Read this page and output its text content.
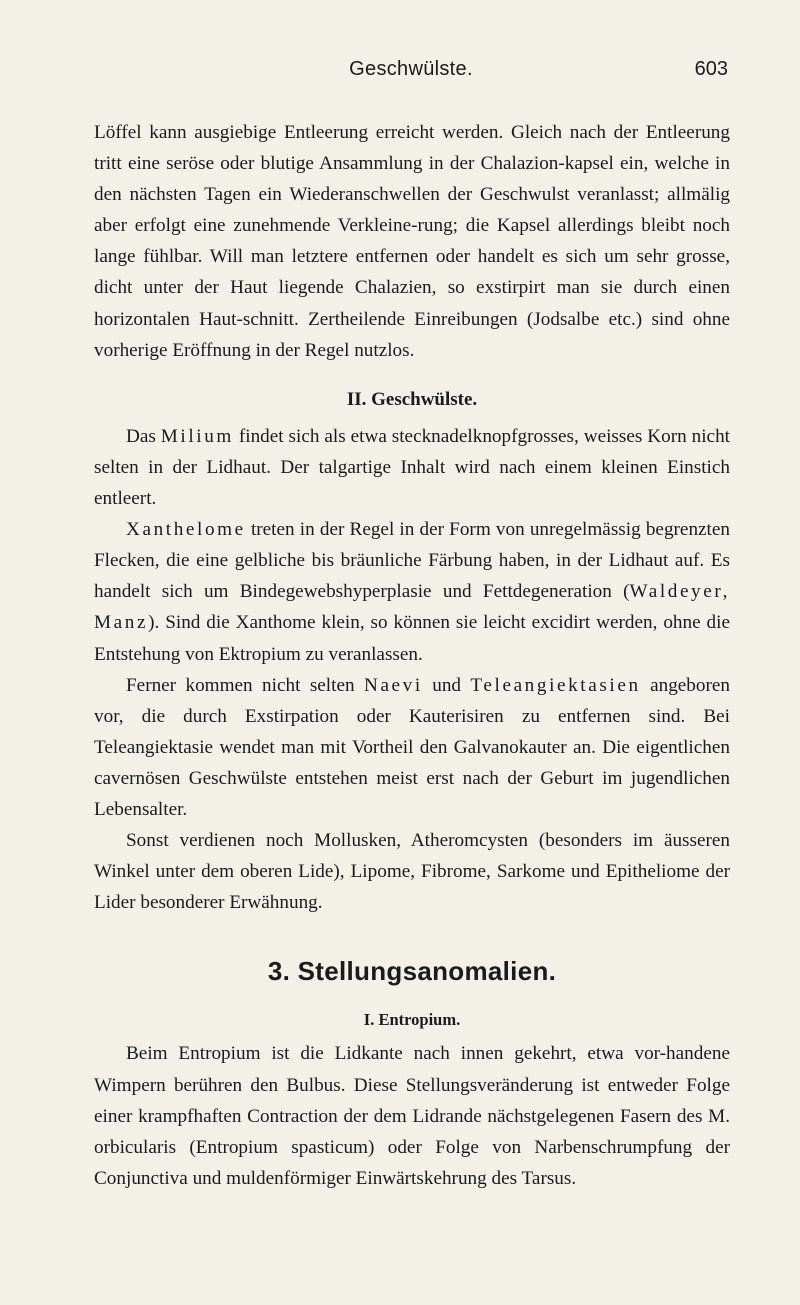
Geschwülste.	603

Löffel kann ausgiebige Entleerung erreicht werden. Gleich nach der Entleerung tritt eine seröse oder blutige Ansammlung in der Chalazion-kapsel ein, welche in den nächsten Tagen ein Wiederanschwellen der Geschwulst veranlasst; allmälig aber erfolgt eine zunehmende Verkleine-rung; die Kapsel allerdings bleibt noch lange fühlbar. Will man letztere entfernen oder handelt es sich um sehr grosse, dicht unter der Haut liegende Chalazien, so exstirpirt man sie durch einen horizontalen Haut-schnitt. Zertheilende Einreibungen (Jodsalbe etc.) sind ohne vorherige Eröffnung in der Regel nutzlos.

II. Geschwülste.

Das Milium findet sich als etwa stecknadelknopfgrosses, weisses Korn nicht selten in der Lidhaut. Der talgartige Inhalt wird nach einem kleinen Einstich entleert.

Xanthelome treten in der Regel in der Form von unregelmässig begrenzten Flecken, die eine gelbliche bis bräunliche Färbung haben, in der Lidhaut auf. Es handelt sich um Bindegewebshyperplasie und Fettdegeneration (Waldeyer, Manz). Sind die Xanthome klein, so können sie leicht excidirt werden, ohne die Entstehung von Ektropium zu veranlassen.

Ferner kommen nicht selten Naevi und Teleangiektasien angeboren vor, die durch Exstirpation oder Kauterisiren zu entfernen sind. Bei Teleangiektasie wendet man mit Vortheil den Galvanokauter an. Die eigentlichen cavernösen Geschwülste entstehen meist erst nach der Geburt im jugendlichen Lebensalter.

Sonst verdienen noch Mollusken, Atheromcysten (besonders im äusseren Winkel unter dem oberen Lide), Lipome, Fibrome, Sarkome und Epitheliome der Lider besonderer Erwähnung.

3. Stellungsanomalien.
I. Entropium.

Beim Entropium ist die Lidkante nach innen gekehrt, etwa vor-handene Wimpern berühren den Bulbus. Diese Stellungsveränderung ist entweder Folge einer krampfhaften Contraction der dem Lidrande nächstgelegenen Fasern des M. orbicularis (Entropium spasticum) oder Folge von Narbenschrumpfung der Conjunctiva und muldenförmiger Einwärtskehrung des Tarsus.
